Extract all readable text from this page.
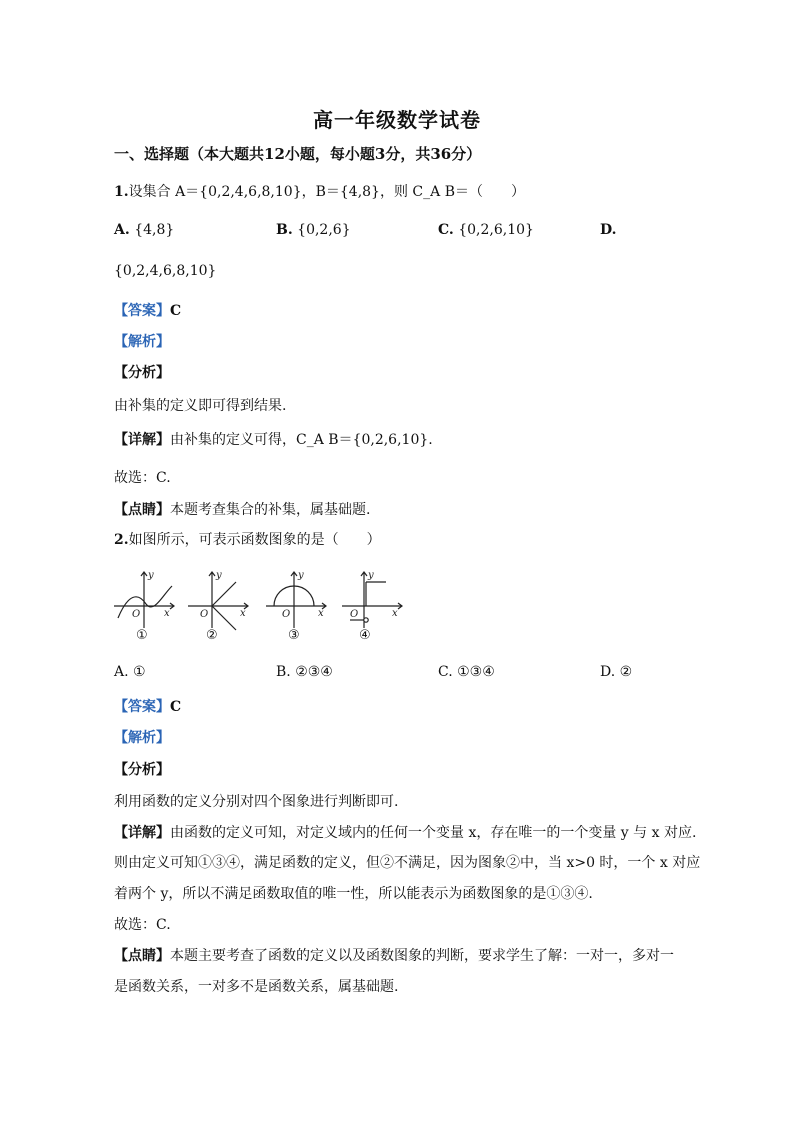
高一年级数学试卷
一、选择题（本大题共12小题，每小题3分，共36分）
1.设集合 A＝{0,2,4,6,8,10}，B＝{4,8}，则 C_A B＝（　　）
A. {4,8}	B. {0,2,6}	C. {0,2,6,10}	D.
{0,2,4,6,8,10}
【答案】C
【解析】
【分析】
由补集的定义即可得到结果.
【详解】由补集的定义可得，C_A B＝{0,2,6,10}.
故选：C.
【点睛】本题考查集合的补集，属基础题.
2.如图所示，可表示函数图象的是（　　）
y
x
O
y
x
O
y
x
O
y
x
O
①	②	③	④
A. ①	B. ②③④	C. ①③④	D. ②
【答案】C
【解析】
【分析】
利用函数的定义分别对四个图象进行判断即可.
【详解】由函数的定义可知，对定义域内的任何一个变量 x，存在唯一的一个变量 y 与 x 对应.
则由定义可知①③④，满足函数的定义，但②不满足，因为图象②中，当 x>0 时，一个 x 对应
着两个 y，所以不满足函数取值的唯一性，所以能表示为函数图象的是①③④.
故选：C.
【点睛】本题主要考查了函数的定义以及函数图象的判断，要求学生了解：一对一，多对一
是函数关系，一对多不是函数关系，属基础题.
